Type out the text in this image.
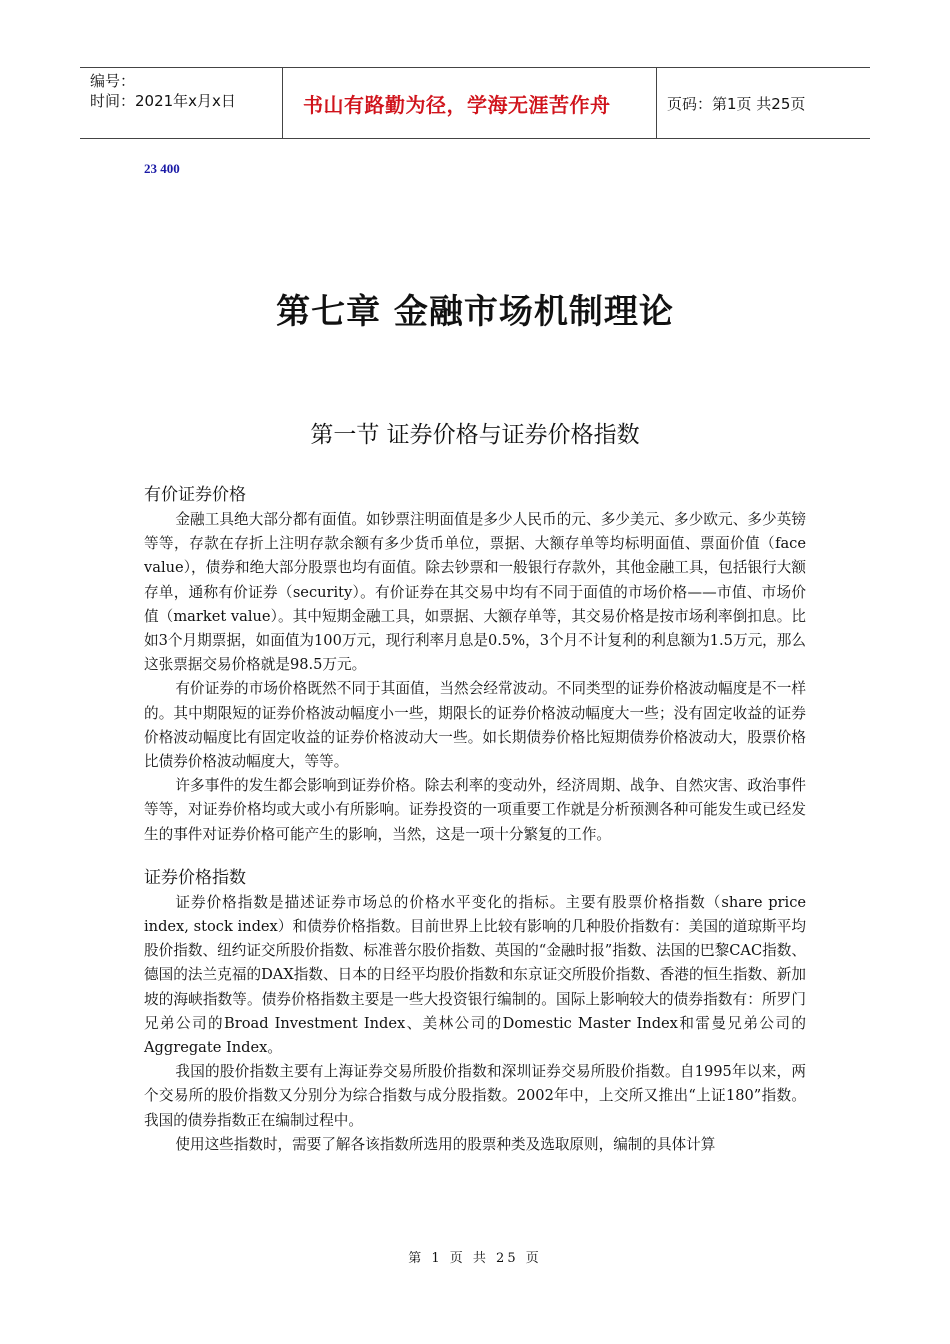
编号：
时间：2021年x月x日	书山有路勤为径，学海无涯苦作舟	页码：第1页 共25页
23 400
第七章 金融市场机制理论
第一节 证券价格与证券价格指数
有价证券价格

金融工具绝大部分都有面值。如钞票注明面值是多少人民币的元、多少美元、多少欧元、多少英镑等等，存款在存折上注明存款余额有多少货币单位，票据、大额存单等均标明面值、票面价值（face value），债券和绝大部分股票也均有面值。除去钞票和一般银行存款外，其他金融工具，包括银行大额存单，通称有价证券（security）。有价证券在其交易中均有不同于面值的市场价格——市值、市场价值（market value）。其中短期金融工具，如票据、大额存单等，其交易价格是按市场利率倒扣息。比如3个月期票据，如面值为100万元，现行利率月息是0.5%，3个月不计复利的利息额为1.5万元，那么这张票据交易价格就是98.5万元。

有价证券的市场价格既然不同于其面值，当然会经常波动。不同类型的证券价格波动幅度是不一样的。其中期限短的证券价格波动幅度小一些，期限长的证券价格波动幅度大一些；没有固定收益的证券价格波动幅度比有固定收益的证券价格波动大一些。如长期债券价格比短期债券价格波动大，股票价格比债券价格波动幅度大，等等。

许多事件的发生都会影响到证券价格。除去利率的变动外，经济周期、战争、自然灾害、政治事件等等，对证券价格均或大或小有所影响。证券投资的一项重要工作就是分析预测各种可能发生或已经发生的事件对证券价格可能产生的影响，当然，这是一项十分繁复的工作。

证券价格指数

证券价格指数是描述证券市场总的价格水平变化的指标。主要有股票价格指数（share price index, stock index）和债券价格指数。目前世界上比较有影响的几种股价指数有：美国的道琼斯平均股价指数、纽约证交所股价指数、标准普尔股价指数、英国的“金融时报”指数、法国的巴黎CAC指数、德国的法兰克福的DAX指数、日本的日经平均股价指数和东京证交所股价指数、香港的恒生指数、新加坡的海峡指数等。债券价格指数主要是一些大投资银行编制的。国际上影响较大的债券指数有：所罗门兄弟公司的Broad Investment Index、美林公司的Domestic Master Index和雷曼兄弟公司的Aggregate Index。

我国的股价指数主要有上海证券交易所股价指数和深圳证券交易所股价指数。自1995年以来，两个交易所的股价指数又分别分为综合指数与成分股指数。2002年中，上交所又推出“上证180”指数。我国的债券指数正在编制过程中。

使用这些指数时，需要了解各该指数所选用的股票种类及选取原则，编制的具体计算

第 1 页 共 25 页
